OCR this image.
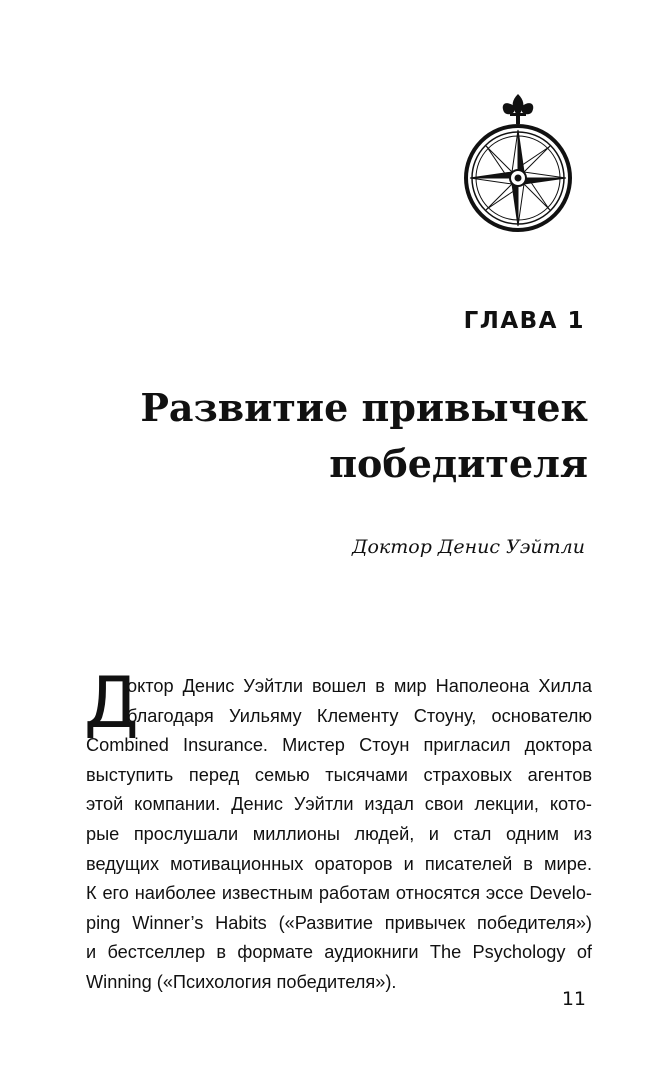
ГЛАВА 1
Развитие привычек
победителя

Доктор Денис Уэйтли

Д
октор Денис Уэйтли вошел в мир Наполеона Хилла
благодаря Уильяму Клементу Стоуну, основателю
Combined Insurance. Мистер Стоун пригласил доктора
выступить перед семью тысячами страховых агентов
этой компании. Денис Уэйтли издал свои лекции, кото-
рые прослушали миллионы людей, и стал одним из
ведущих мотивационных ораторов и писателей в мире.
К его наиболее известным работам относятся эссе Develo-
ping Winner’s Habits («Развитие привычек победителя»)
и бестселлер в формате аудиокниги The Psychology of
Winning («Психология победителя»).
11
